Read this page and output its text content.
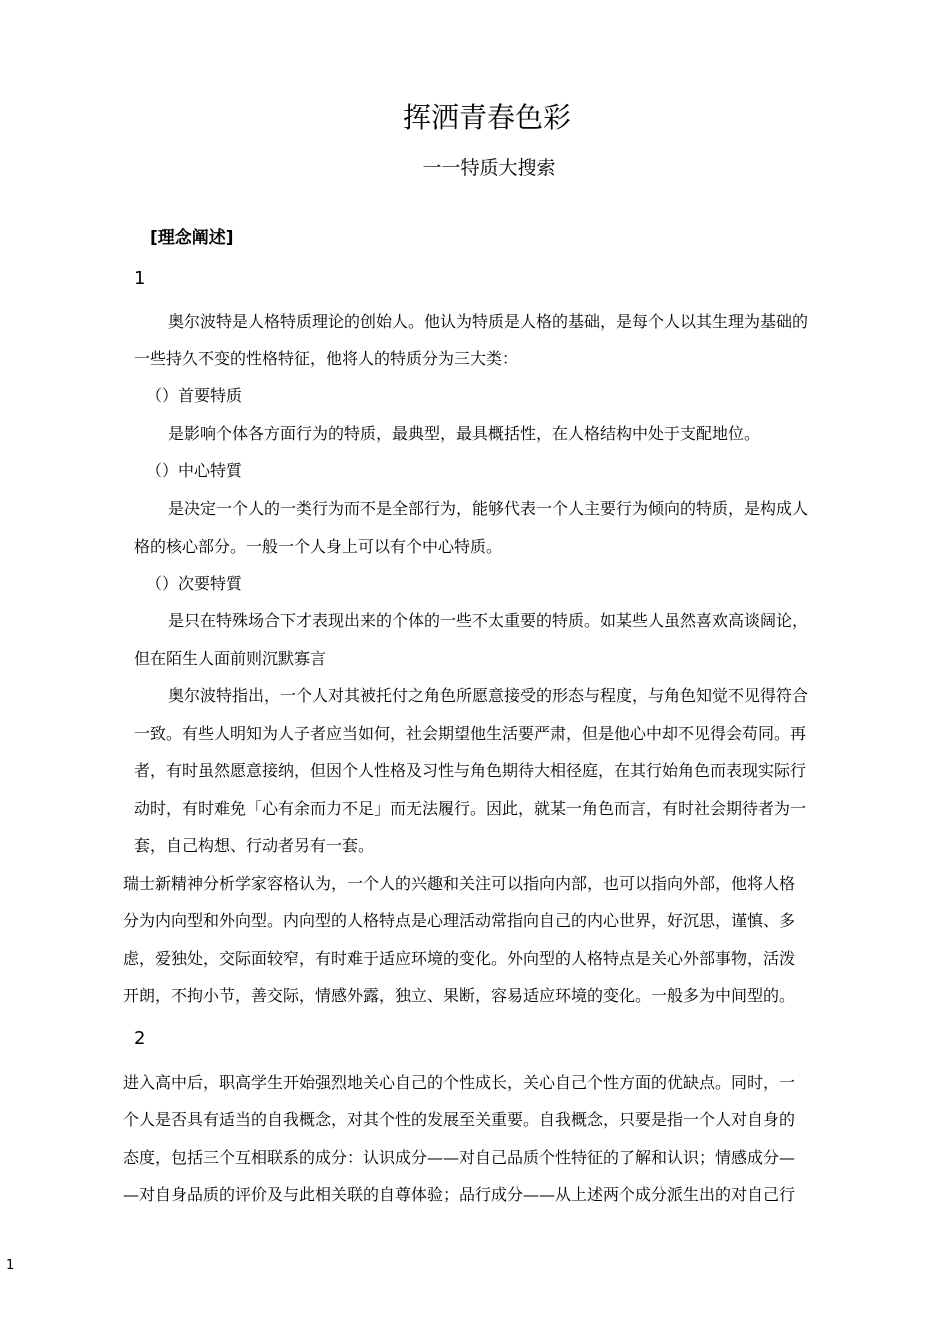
挥洒青春色彩
一一特质大搜索
[理念阐述]
1
奥尔波特是人格特质理论的创始人。他认为特质是人格的基础，是每个人以其生理为基础的
一些持久不变的性格特征，他将人的特质分为三大类：
（）首要特质
是影响个体各方面行为的特质，最典型，最具概括性，在人格结构中处于支配地位。
（）中心特質
是决定一个人的一类行为而不是全部行为，能够代表一个人主要行为倾向的特质，是构成人
格的核心部分。一般一个人身上可以有个中心特质。
（）次要特質
是只在特殊场合下才表现出来的个体的一些不太重要的特质。如某些人虽然喜欢高谈阔论，
但在陌生人面前则沉默寡言
奥尔波特指出，一个人对其被托付之角色所愿意接受的形态与程度，与角色知觉不见得符合
一致。有些人明知为人子者应当如何，社会期望他生活要严肃，但是他心中却不见得会苟同。再
者，有时虽然愿意接纳，但因个人性格及习性与角色期待大相径庭，在其行始角色而表现实际行
动时，有时难免「心有余而力不足」而无法履行。因此，就某一角色而言，有时社会期待者为一
套，自己构想、行动者另有一套。
瑞士新精神分析学家容格认为，一个人的兴趣和关注可以指向内部，也可以指向外部，他将人格
分为内向型和外向型。内向型的人格特点是心理活动常指向自己的内心世界，好沉思，谨慎、多
虑，爱独处，交际面较窄，有时难于适应环境的变化。外向型的人格特点是关心外部事物，活泼
开朗，不拘小节，善交际，情感外露，独立、果断，容易适应环境的变化。一般多为中间型的。
2
进入高中后，职高学生开始强烈地关心自己的个性成长，关心自己个性方面的优缺点。同时，一
个人是否具有适当的自我概念，对其个性的发展至关重要。自我概念，只要是指一个人对自身的
态度，包括三个互相联系的成分：认识成分——对自己品质个性特征的了解和认识；情感成分—
—对自身品质的评价及与此相关联的自尊体验；品行成分——从上述两个成分派生出的对自己行
1
